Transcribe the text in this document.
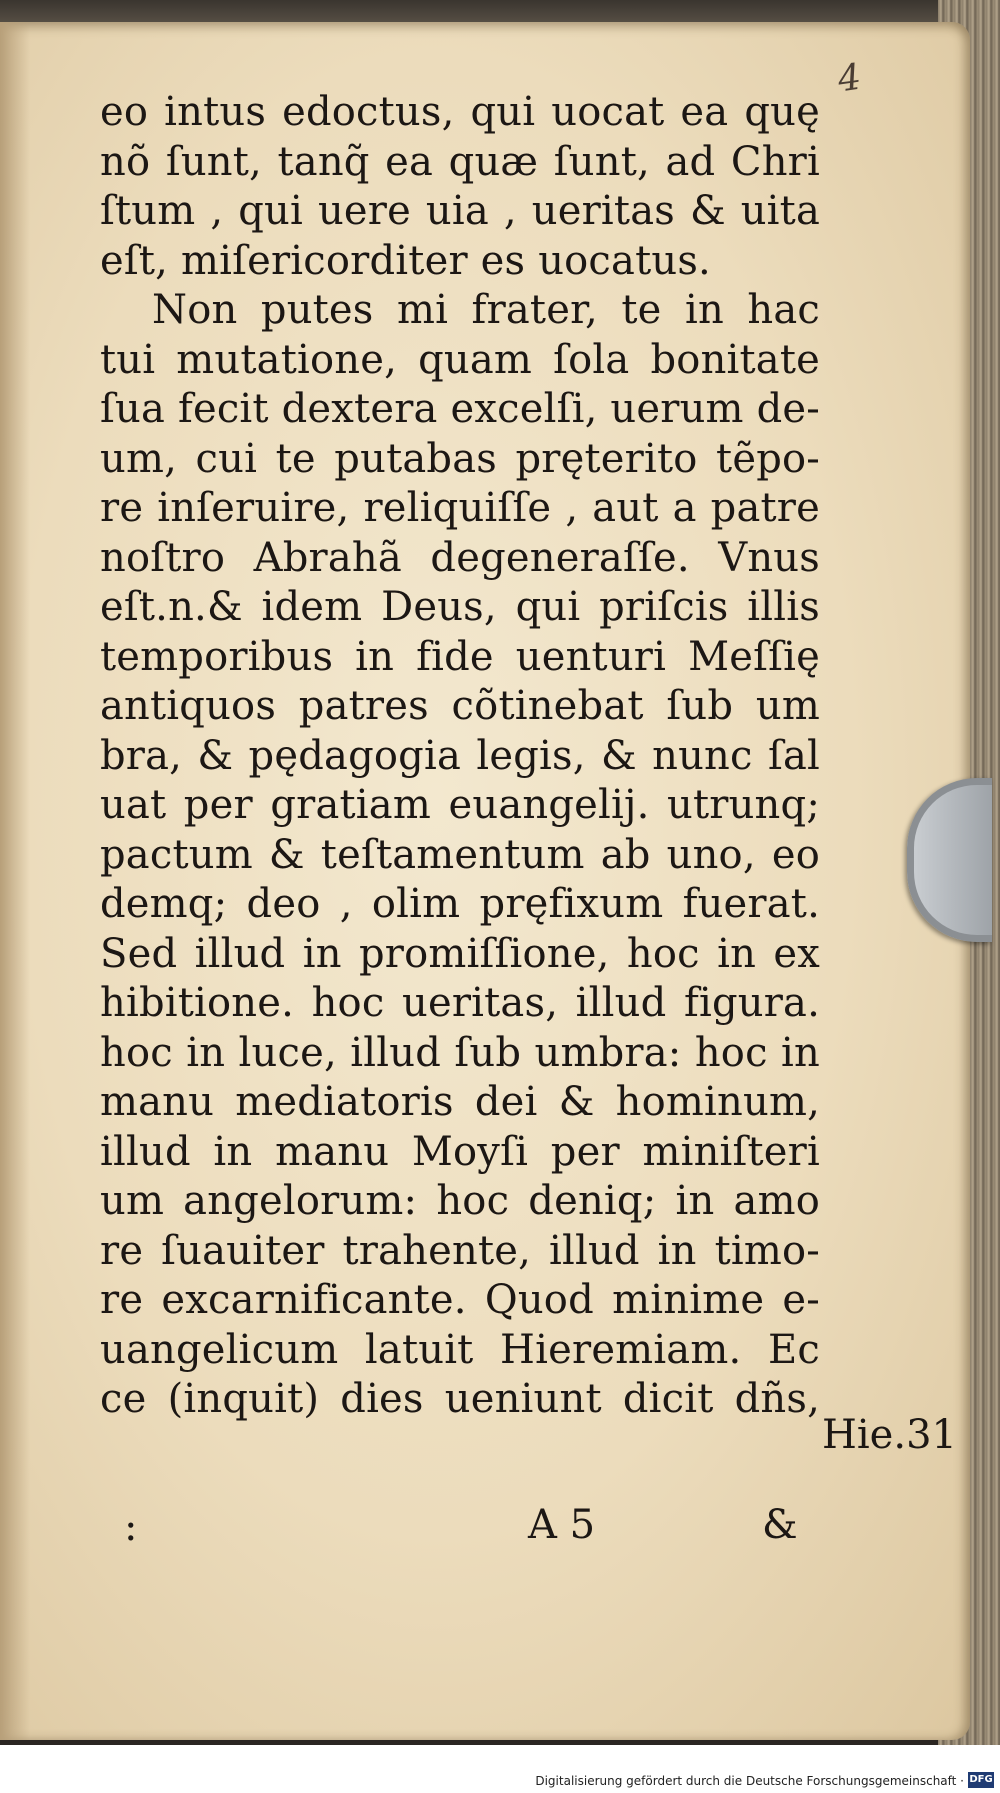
4
eo intus edoctus, qui uocat ea quę
nõ ſunt, tanq̃ ea quæ ſunt, ad Chri
ſtum , qui uere uia , ueritas & uita
eſt, miſericorditer es uocatus.
Non putes mi frater, te in hac
tui mutatione, quam ſola bonitate
ſua fecit dextera excelſi, uerum de-
um, cui te putabas pręterito tẽpo-
re inſeruire, reliquiſſe , aut a patre
noſtro Abrahã degeneraſſe. Vnus
eſt.n.& idem Deus, qui priſcis illis
temporibus in fide uenturi Meſſię
antiquos patres cõtinebat ſub um
bra, & pędagogia legis, & nunc ſal
uat per gratiam euangelij. utrunq;
pactum & teſtamentum ab uno, eo
demq; deo , olim pręfixum fuerat.
Sed illud in promiſſione, hoc in ex
hibitione. hoc ueritas, illud figura.
hoc in luce, illud ſub umbra: hoc in
manu mediatoris dei & hominum,
illud in manu Moyſi per miniſteri
um angelorum: hoc deniq; in amo
re ſuauiter trahente, illud in timo-
re excarnificante. Quod minime e-
uangelicum latuit Hieremiam. Ec
ce (inquit) dies ueniunt dicit dñs,
Hie.31
:	A 5	&
Digitalisierung gefördert durch die Deutsche Forschungsgemeinschaft · DFG
